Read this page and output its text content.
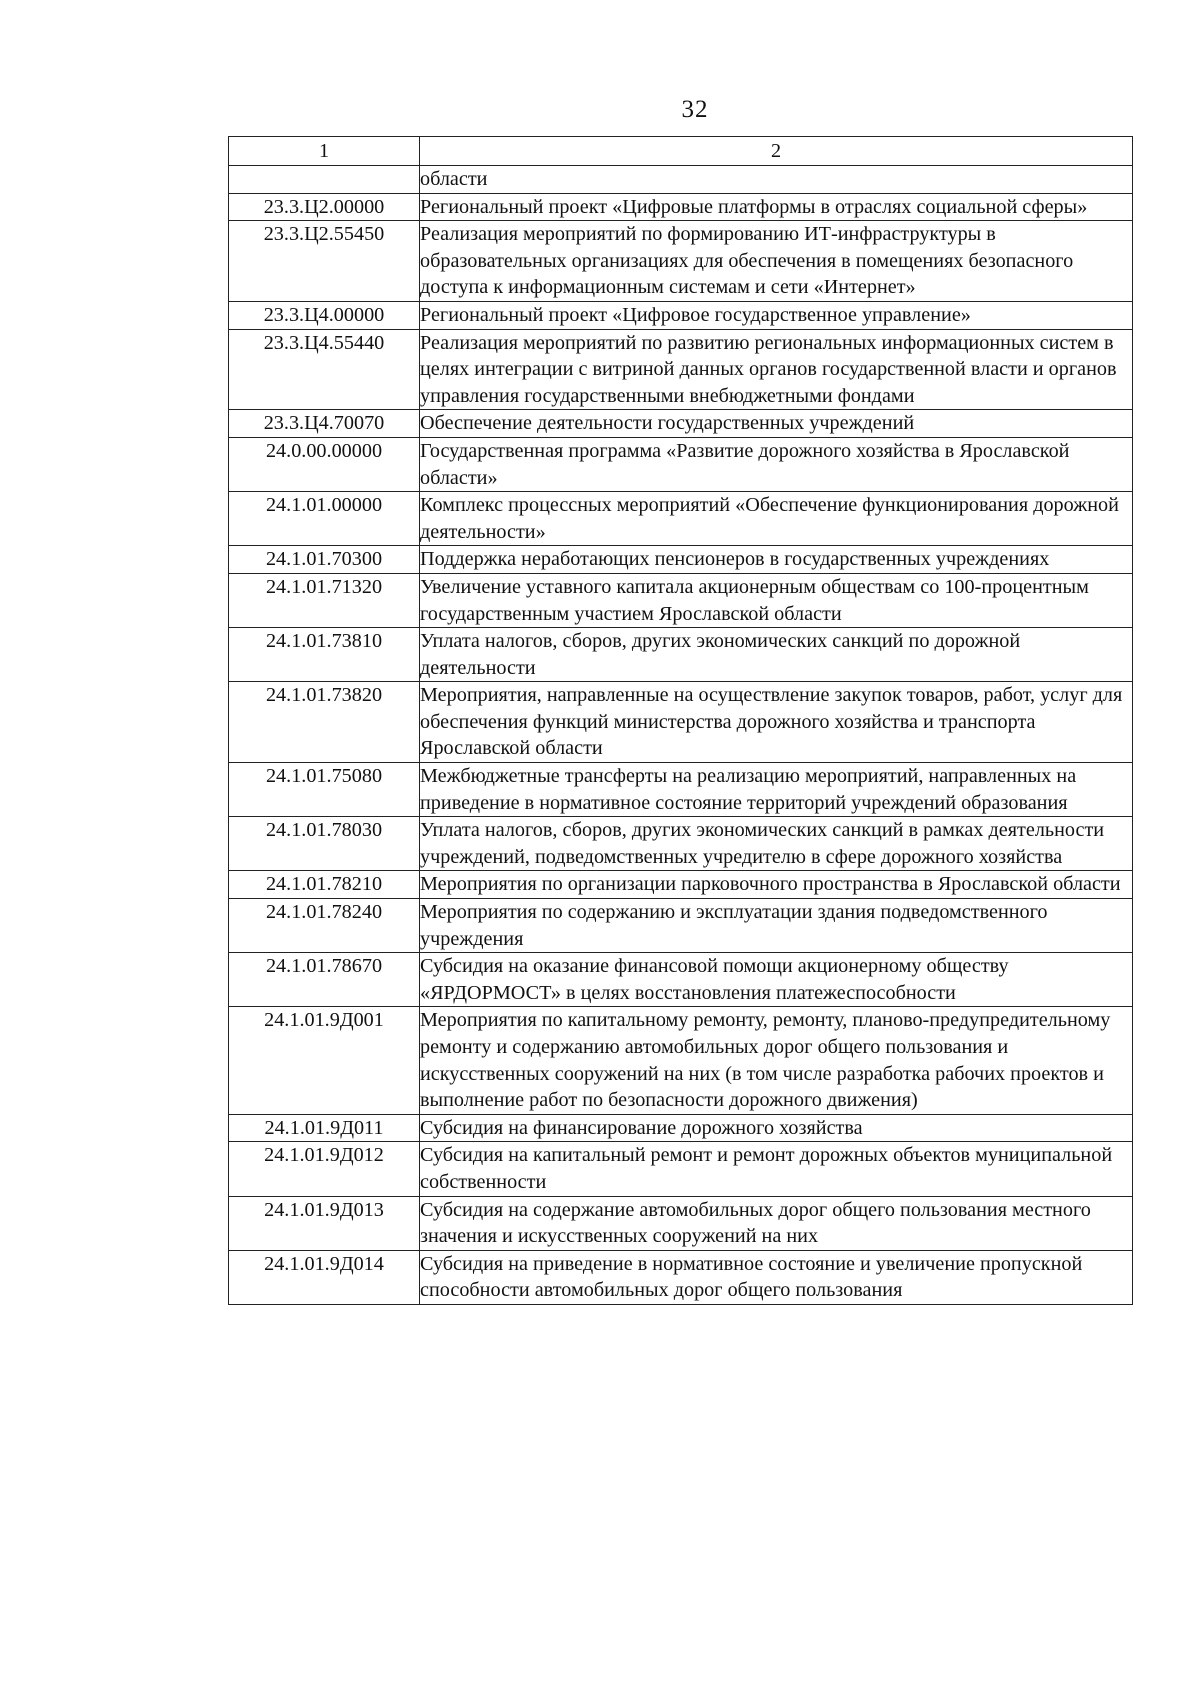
32
1	2
	области
23.3.Ц2.00000	Региональный проект «Цифровые платформы в отраслях социальной сферы»
23.3.Ц2.55450	Реализация мероприятий по формированию ИТ-инфраструктуры в образовательных организациях для обеспечения в помещениях безопасного доступа к информационным системам и сети «Интернет»
23.3.Ц4.00000	Региональный проект «Цифровое государственное управление»
23.3.Ц4.55440	Реализация мероприятий по развитию региональных информационных систем в целях интеграции с витриной данных органов государственной власти и органов управления государственными внебюджетными фондами
23.3.Ц4.70070	Обеспечение деятельности государственных учреждений
24.0.00.00000	Государственная программа «Развитие дорожного хозяйства в Ярославской области»
24.1.01.00000	Комплекс процессных мероприятий «Обеспечение функционирования дорожной деятельности»
24.1.01.70300	Поддержка неработающих пенсионеров в государственных учреждениях
24.1.01.71320	Увеличение уставного капитала акционерным обществам со 100-процентным государственным участием Ярославской области
24.1.01.73810	Уплата налогов, сборов, других экономических санкций по дорожной деятельности
24.1.01.73820	Мероприятия, направленные на осуществление закупок товаров, работ, услуг для обеспечения функций министерства дорожного хозяйства и транспорта Ярославской области
24.1.01.75080	Межбюджетные трансферты на реализацию мероприятий, направленных на приведение в нормативное состояние территорий учреждений образования
24.1.01.78030	Уплата налогов, сборов, других экономических санкций в рамках деятельности учреждений, подведомственных учредителю в сфере дорожного хозяйства
24.1.01.78210	Мероприятия по организации парковочного пространства в Ярославской области
24.1.01.78240	Мероприятия по содержанию и эксплуатации здания подведомственного учреждения
24.1.01.78670	Субсидия на оказание финансовой помощи акционерному обществу «ЯРДОРМОСТ» в целях восстановления платежеспособности
24.1.01.9Д001	Мероприятия по капитальному ремонту, ремонту, планово-предупредительному ремонту и содержанию автомобильных дорог общего пользования и искусственных сооружений на них (в том числе разработка рабочих проектов и выполнение работ по безопасности дорожного движения)
24.1.01.9Д011	Субсидия на финансирование дорожного хозяйства
24.1.01.9Д012	Субсидия на капитальный ремонт и ремонт дорожных объектов муниципальной собственности
24.1.01.9Д013	Субсидия на содержание автомобильных дорог общего пользования местного значения и искусственных сооружений на них
24.1.01.9Д014	Субсидия на приведение в нормативное состояние и увеличение пропускной способности автомобильных дорог общего пользования
